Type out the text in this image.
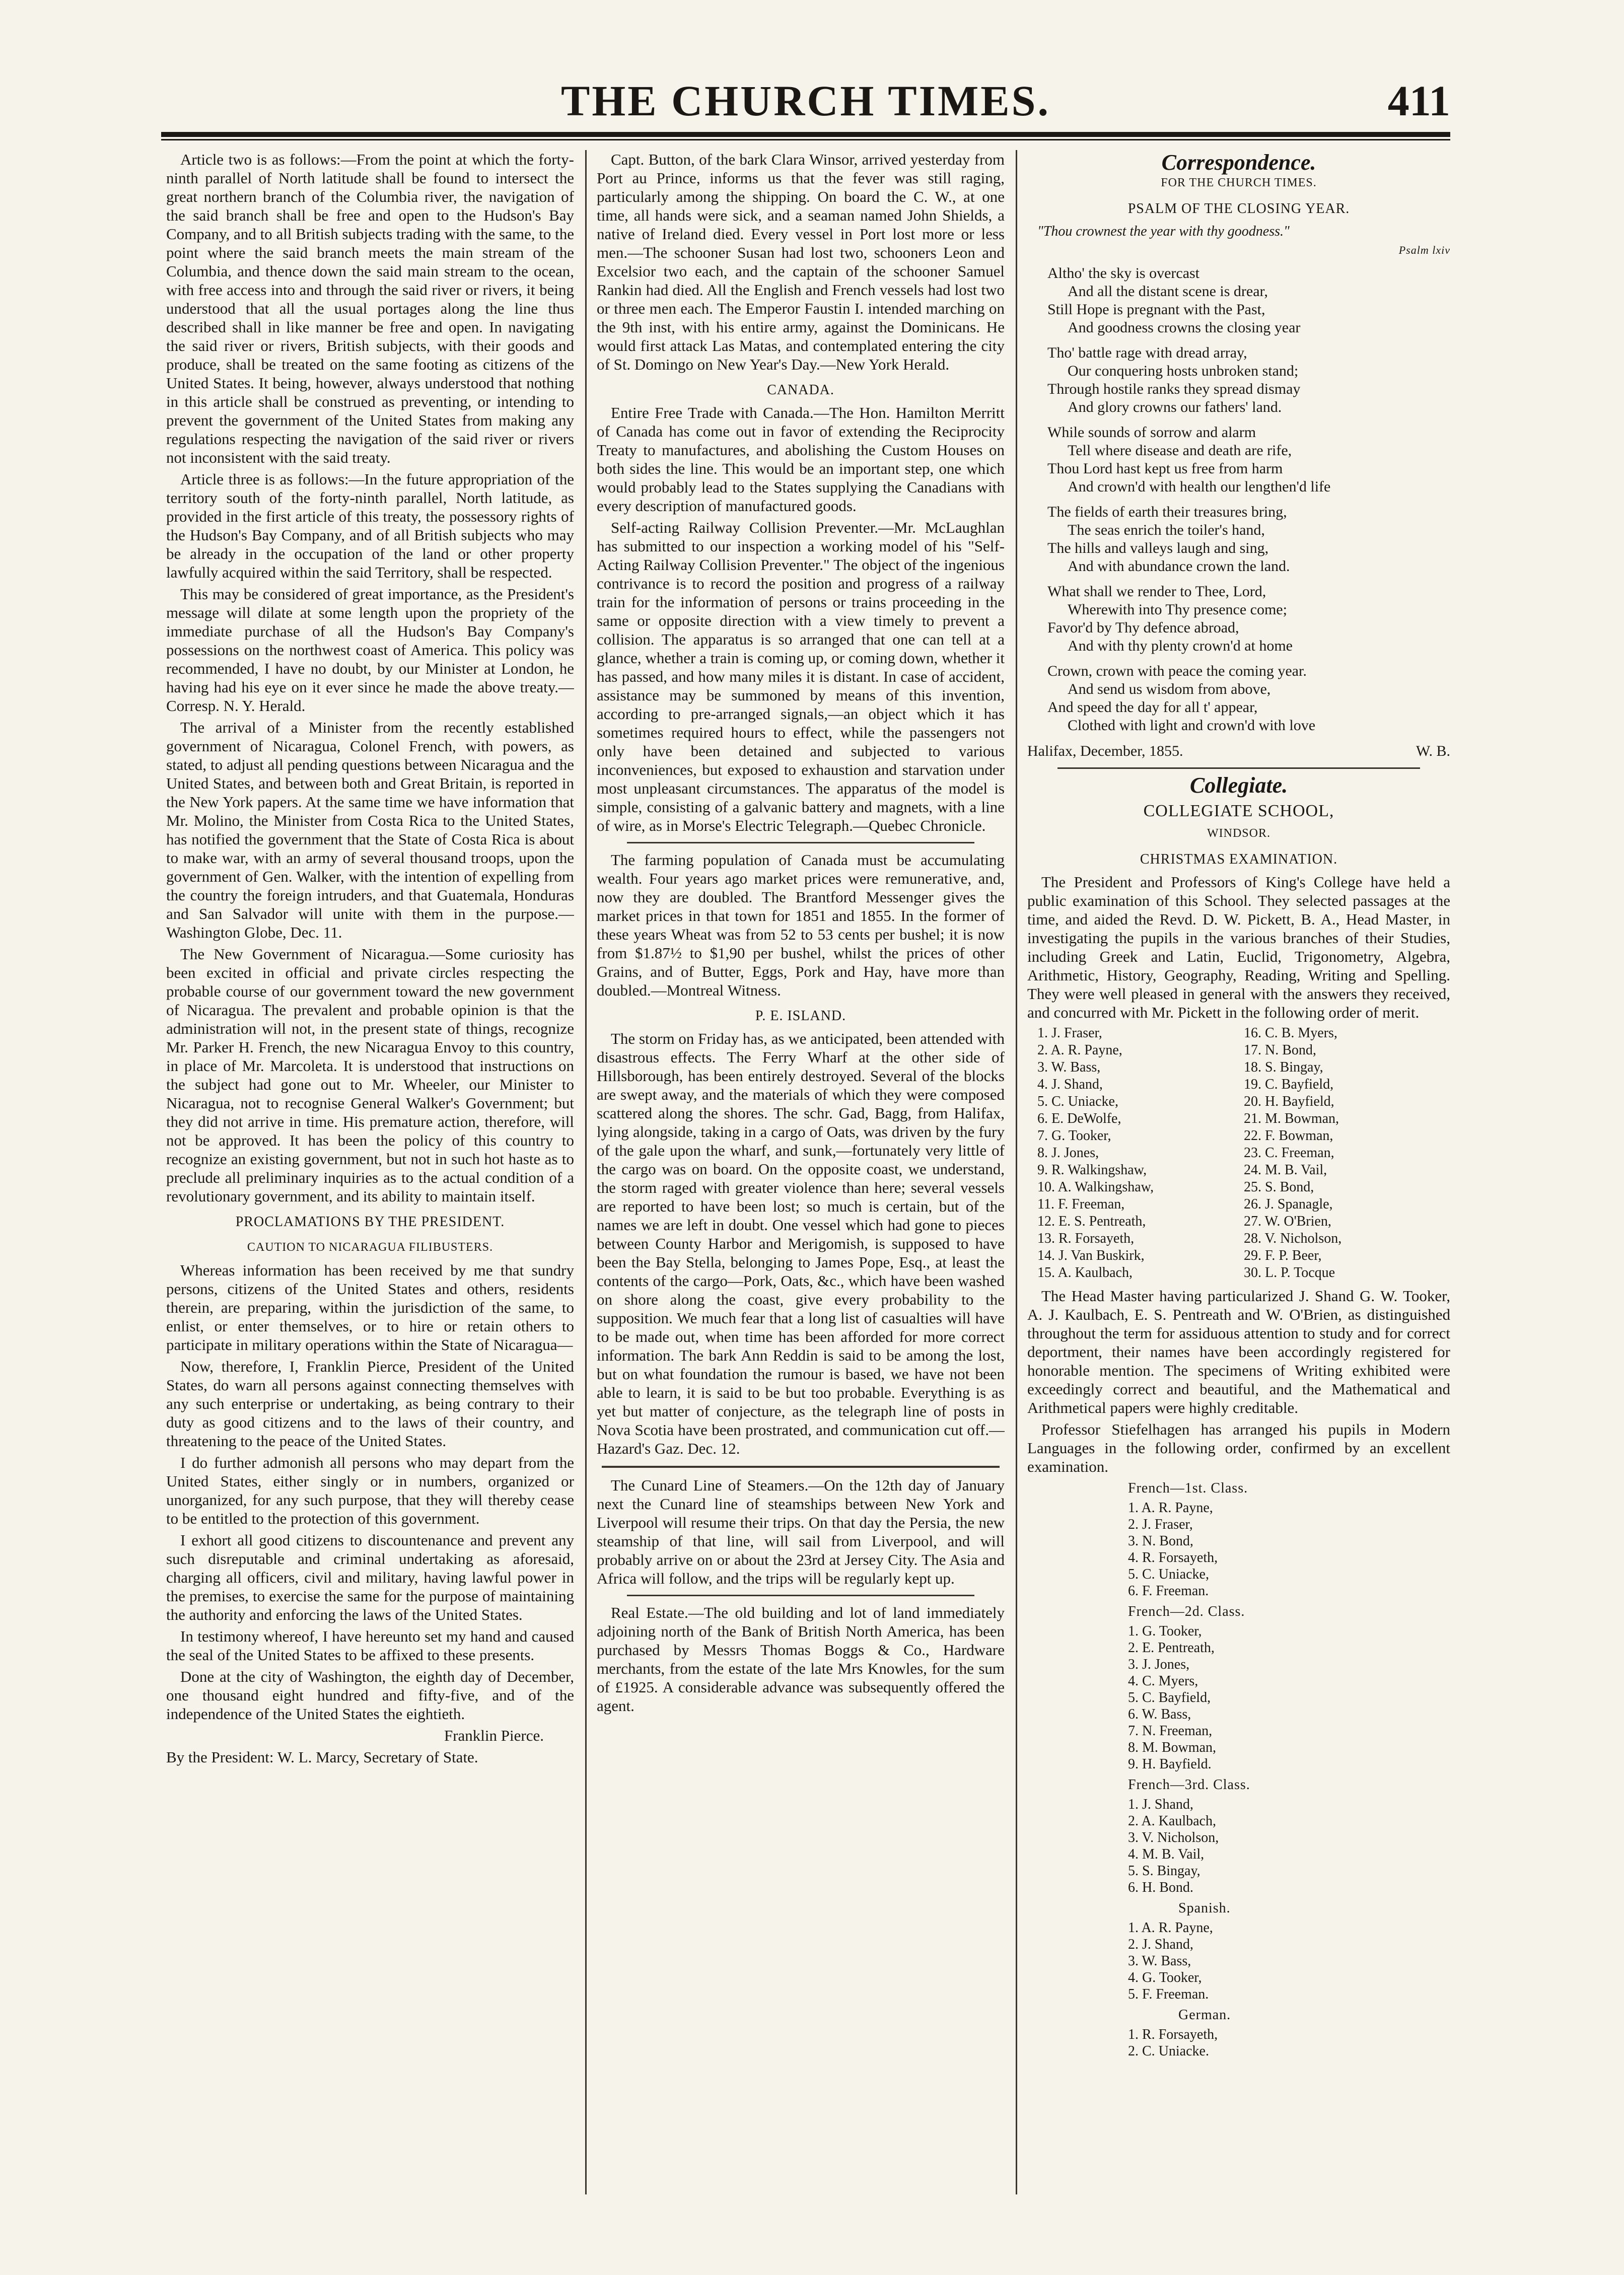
THE CHURCH TIMES.	411

Article two is as follows:—From the point at which the forty-ninth parallel of North latitude shall be found to intersect the great northern branch of the Columbia river, the navigation of the said branch shall be free and open to the Hudson's Bay Company, and to all British subjects trading with the same, to the point where the said branch meets the main stream of the Columbia, and thence down the said main stream to the ocean, with free access into and through the said river or rivers, it being understood that all the usual portages along the line thus described shall in like manner be free and open. In navigating the said river or rivers, British subjects, with their goods and produce, shall be treated on the same footing as citizens of the United States. It being, however, always understood that nothing in this article shall be construed as preventing, or intending to prevent the government of the United States from making any regulations respecting the navigation of the said river or rivers not inconsistent with the said treaty.

Article three is as follows:—In the future appropriation of the territory south of the forty-ninth parallel, North latitude, as provided in the first article of this treaty, the possessory rights of the Hudson's Bay Company, and of all British subjects who may be already in the occupation of the land or other property lawfully acquired within the said Territory, shall be respected.

This may be considered of great importance, as the President's message will dilate at some length upon the propriety of the immediate purchase of all the Hudson's Bay Company's possessions on the northwest coast of America. This policy was recommended, I have no doubt, by our Minister at London, he having had his eye on it ever since he made the above treaty.—Corresp. N. Y. Herald.

The arrival of a Minister from the recently established government of Nicaragua, Colonel French, with powers, as stated, to adjust all pending questions between Nicaragua and the United States, and between both and Great Britain, is reported in the New York papers. At the same time we have information that Mr. Molino, the Minister from Costa Rica to the United States, has notified the government that the State of Costa Rica is about to make war, with an army of several thousand troops, upon the government of Gen. Walker, with the intention of expelling from the country the foreign intruders, and that Guatemala, Honduras and San Salvador will unite with them in the purpose.—Washington Globe, Dec. 11.

The New Government of Nicaragua.—Some curiosity has been excited in official and private circles respecting the probable course of our government toward the new government of Nicaragua. The prevalent and probable opinion is that the administration will not, in the present state of things, recognize Mr. Parker H. French, the new Nicaragua Envoy to this country, in place of Mr. Marcoleta. It is understood that instructions on the subject had gone out to Mr. Wheeler, our Minister to Nicaragua, not to recognise General Walker's Government; but they did not arrive in time. His premature action, therefore, will not be approved. It has been the policy of this country to recognize an existing government, but not in such hot haste as to preclude all preliminary inquiries as to the actual condition of a revolutionary government, and its ability to maintain itself.

PROCLAMATIONS BY THE PRESIDENT.
CAUTION TO NICARAGUA FILIBUSTERS.

Whereas information has been received by me that sundry persons, citizens of the United States and others, residents therein, are preparing, within the jurisdiction of the same, to enlist, or enter themselves, or to hire or retain others to participate in military operations within the State of Nicaragua—

Now, therefore, I, Franklin Pierce, President of the United States, do warn all persons against connecting themselves with any such enterprise or undertaking, as being contrary to their duty as good citizens and to the laws of their country, and threatening to the peace of the United States.

I do further admonish all persons who may depart from the United States, either singly or in numbers, organized or unorganized, for any such purpose, that they will thereby cease to be entitled to the protection of this government.

I exhort all good citizens to discountenance and prevent any such disreputable and criminal undertaking as aforesaid, charging all officers, civil and military, having lawful power in the premises, to exercise the same for the purpose of maintaining the authority and enforcing the laws of the United States.

In testimony whereof, I have hereunto set my hand and caused the seal of the United States to be affixed to these presents.

Done at the city of Washington, the eighth day of December, one thousand eight hundred and fifty-five, and of the independence of the United States the eightieth.

Franklin Pierce.

By the President: W. L. Marcy, Secretary of State.

Capt. Button, of the bark Clara Winsor, arrived yesterday from Port au Prince, informs us that the fever was still raging, particularly among the shipping. On board the C. W., at one time, all hands were sick, and a seaman named John Shields, a native of Ireland died. Every vessel in Port lost more or less men.—The schooner Susan had lost two, schooners Leon and Excelsior two each, and the captain of the schooner Samuel Rankin had died. All the English and French vessels had lost two or three men each. The Emperor Faustin I. intended marching on the 9th inst, with his entire army, against the Dominicans. He would first attack Las Matas, and contemplated entering the city of St. Domingo on New Year's Day.—New York Herald.

CANADA.

Entire Free Trade with Canada.—The Hon. Hamilton Merritt of Canada has come out in favor of extending the Reciprocity Treaty to manufactures, and abolishing the Custom Houses on both sides the line. This would be an important step, one which would probably lead to the States supplying the Canadians with every description of manufactured goods.

Self-acting Railway Collision Preventer.—Mr. McLaughlan has submitted to our inspection a working model of his "Self-Acting Railway Collision Preventer." The object of the ingenious contrivance is to record the position and progress of a railway train for the information of persons or trains proceeding in the same or opposite direction with a view timely to prevent a collision. The apparatus is so arranged that one can tell at a glance, whether a train is coming up, or coming down, whether it has passed, and how many miles it is distant. In case of accident, assistance may be summoned by means of this invention, according to pre-arranged signals,—an object which it has sometimes required hours to effect, while the passengers not only have been detained and subjected to various inconveniences, but exposed to exhaustion and starvation under most unpleasant circumstances. The apparatus of the model is simple, consisting of a galvanic battery and magnets, with a line of wire, as in Morse's Electric Telegraph.—Quebec Chronicle.

The farming population of Canada must be accumulating wealth. Four years ago market prices were remunerative, and, now they are doubled. The Brantford Messenger gives the market prices in that town for 1851 and 1855. In the former of these years Wheat was from 52 to 53 cents per bushel; it is now from $1.87½ to $1,90 per bushel, whilst the prices of other Grains, and of Butter, Eggs, Pork and Hay, have more than doubled.—Montreal Witness.

P. E. ISLAND.

The storm on Friday has, as we anticipated, been attended with disastrous effects. The Ferry Wharf at the other side of Hillsborough, has been entirely destroyed. Several of the blocks are swept away, and the materials of which they were composed scattered along the shores. The schr. Gad, Bagg, from Halifax, lying alongside, taking in a cargo of Oats, was driven by the fury of the gale upon the wharf, and sunk,—fortunately very little of the cargo was on board. On the opposite coast, we understand, the storm raged with greater violence than here; several vessels are reported to have been lost; so much is certain, but of the names we are left in doubt. One vessel which had gone to pieces between County Harbor and Merigomish, is supposed to have been the Bay Stella, belonging to James Pope, Esq., at least the contents of the cargo—Pork, Oats, &c., which have been washed on shore along the coast, give every probability to the supposition. We much fear that a long list of casualties will have to be made out, when time has been afforded for more correct information. The bark Ann Reddin is said to be among the lost, but on what foundation the rumour is based, we have not been able to learn, it is said to be but too probable. Everything is as yet but matter of conjecture, as the telegraph line of posts in Nova Scotia have been prostrated, and communication cut off.—Hazard's Gaz. Dec. 12.

The Cunard Line of Steamers.—On the 12th day of January next the Cunard line of steamships between New York and Liverpool will resume their trips. On that day the Persia, the new steamship of that line, will sail from Liverpool, and will probably arrive on or about the 23rd at Jersey City. The Asia and Africa will follow, and the trips will be regularly kept up.

Real Estate.—The old building and lot of land immediately adjoining north of the Bank of British North America, has been purchased by Messrs Thomas Boggs & Co., Hardware merchants, from the estate of the late Mrs Knowles, for the sum of £1925. A considerable advance was subsequently offered the agent.

Correspondence.
FOR THE CHURCH TIMES.
PSALM OF THE CLOSING YEAR.
"Thou crownest the year with thy goodness."
Psalm lxiv
Altho' the sky is overcast
And all the distant scene is drear,
Still Hope is pregnant with the Past,
And goodness crowns the closing year
Tho' battle rage with dread array,
Our conquering hosts unbroken stand;
Through hostile ranks they spread dismay
And glory crowns our fathers' land.
While sounds of sorrow and alarm
Tell where disease and death are rife,
Thou Lord hast kept us free from harm
And crown'd with health our lengthen'd life
The fields of earth their treasures bring,
The seas enrich the toiler's hand,
The hills and valleys laugh and sing,
And with abundance crown the land.
What shall we render to Thee, Lord,
Wherewith into Thy presence come;
Favor'd by Thy defence abroad,
And with thy plenty crown'd at home
Crown, crown with peace the coming year.
And send us wisdom from above,
And speed the day for all t' appear,
Clothed with light and crown'd with love
Halifax, December, 1855.	W. B.
Collegiate.
COLLEGIATE SCHOOL,
WINDSOR.
CHRISTMAS EXAMINATION.

The President and Professors of King's College have held a public examination of this School. They selected passages at the time, and aided the Revd. D. W. Pickett, B. A., Head Master, in investigating the pupils in the various branches of their Studies, including Greek and Latin, Euclid, Trigonometry, Algebra, Arithmetic, History, Geography, Reading, Writing and Spelling. They were well pleased in general with the answers they received, and concurred with Mr. Pickett in the following order of merit.

1. J. Fraser,	16. C. B. Myers,
2. A. R. Payne,	17. N. Bond,
3. W. Bass,	18. S. Bingay,
4. J. Shand,	19. C. Bayfield,
5. C. Uniacke,	20. H. Bayfield,
6. E. DeWolfe,	21. M. Bowman,
7. G. Tooker,	22. F. Bowman,
8. J. Jones,	23. C. Freeman,
9. R. Walkingshaw,	24. M. B. Vail,
10. A. Walkingshaw,	25. S. Bond,
11. F. Freeman,	26. J. Spanagle,
12. E. S. Pentreath,	27. W. O'Brien,
13. R. Forsayeth,	28. V. Nicholson,
14. J. Van Buskirk,	29. F. P. Beer,
15. A. Kaulbach,	30. L. P. Tocque

The Head Master having particularized J. Shand G. W. Tooker, A. J. Kaulbach, E. S. Pentreath and W. O'Brien, as distinguished throughout the term for assiduous attention to study and for correct deportment, their names have been accordingly registered for honorable mention. The specimens of Writing exhibited were exceedingly correct and beautiful, and the Mathematical and Arithmetical papers were highly creditable.

Professor Stiefelhagen has arranged his pupils in Modern Languages in the following order, confirmed by an excellent examination.

French—1st. Class.
1. A. R. Payne,
2. J. Fraser,
3. N. Bond,
4. R. Forsayeth,
5. C. Uniacke,
6. F. Freeman.
French—2d. Class.
1. G. Tooker,
2. E. Pentreath,
3. J. Jones,
4. C. Myers,
5. C. Bayfield,
6. W. Bass,
7. N. Freeman,
8. M. Bowman,
9. H. Bayfield.
French—3rd. Class.
1. J. Shand,
2. A. Kaulbach,
3. V. Nicholson,
4. M. B. Vail,
5. S. Bingay,
6. H. Bond.
Spanish.
1. A. R. Payne,
2. J. Shand,
3. W. Bass,
4. G. Tooker,
5. F. Freeman.
German.
1. R. Forsayeth,
2. C. Uniacke.
